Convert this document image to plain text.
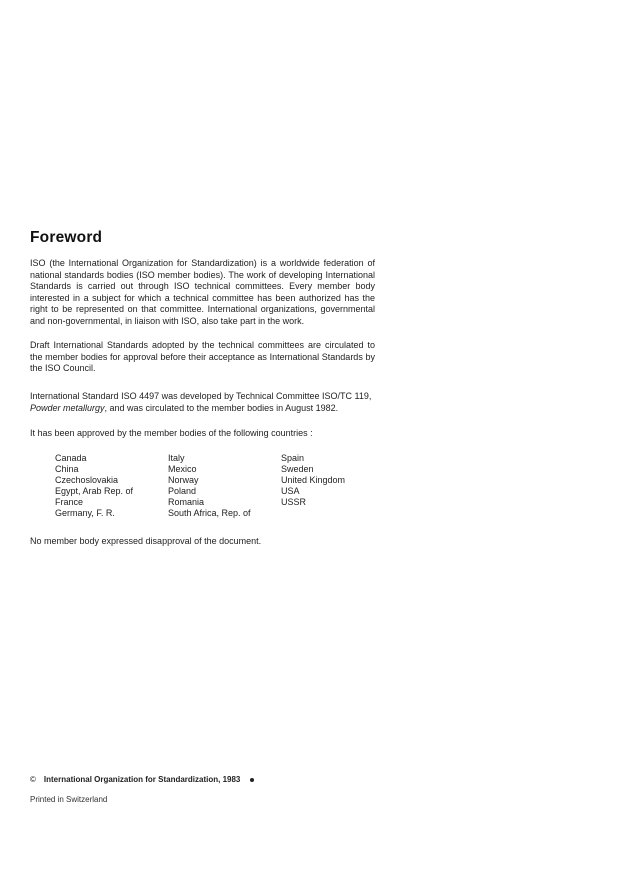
Foreword
ISO (the International Organization for Standardization) is a worldwide federation of national standards bodies (ISO member bodies). The work of developing International Standards is carried out through ISO technical committees. Every member body interested in a subject for which a technical committee has been authorized has the right to be represented on that committee. International organizations, governmental and non-governmental, in liaison with ISO, also take part in the work.
Draft International Standards adopted by the technical committees are circulated to the member bodies for approval before their acceptance as International Standards by the ISO Council.
International Standard ISO 4497 was developed by Technical Committee ISO/TC 119, Powder metallurgy, and was circulated to the member bodies in August 1982.
It has been approved by the member bodies of the following countries :
Canada
China
Czechoslovakia
Egypt, Arab Rep. of
France
Germany, F. R.
Italy
Mexico
Norway
Poland
Romania
South Africa, Rep. of
Spain
Sweden
United Kingdom
USA
USSR
No member body expressed disapproval of the document.
© International Organization for Standardization, 1983
Printed in Switzerland
